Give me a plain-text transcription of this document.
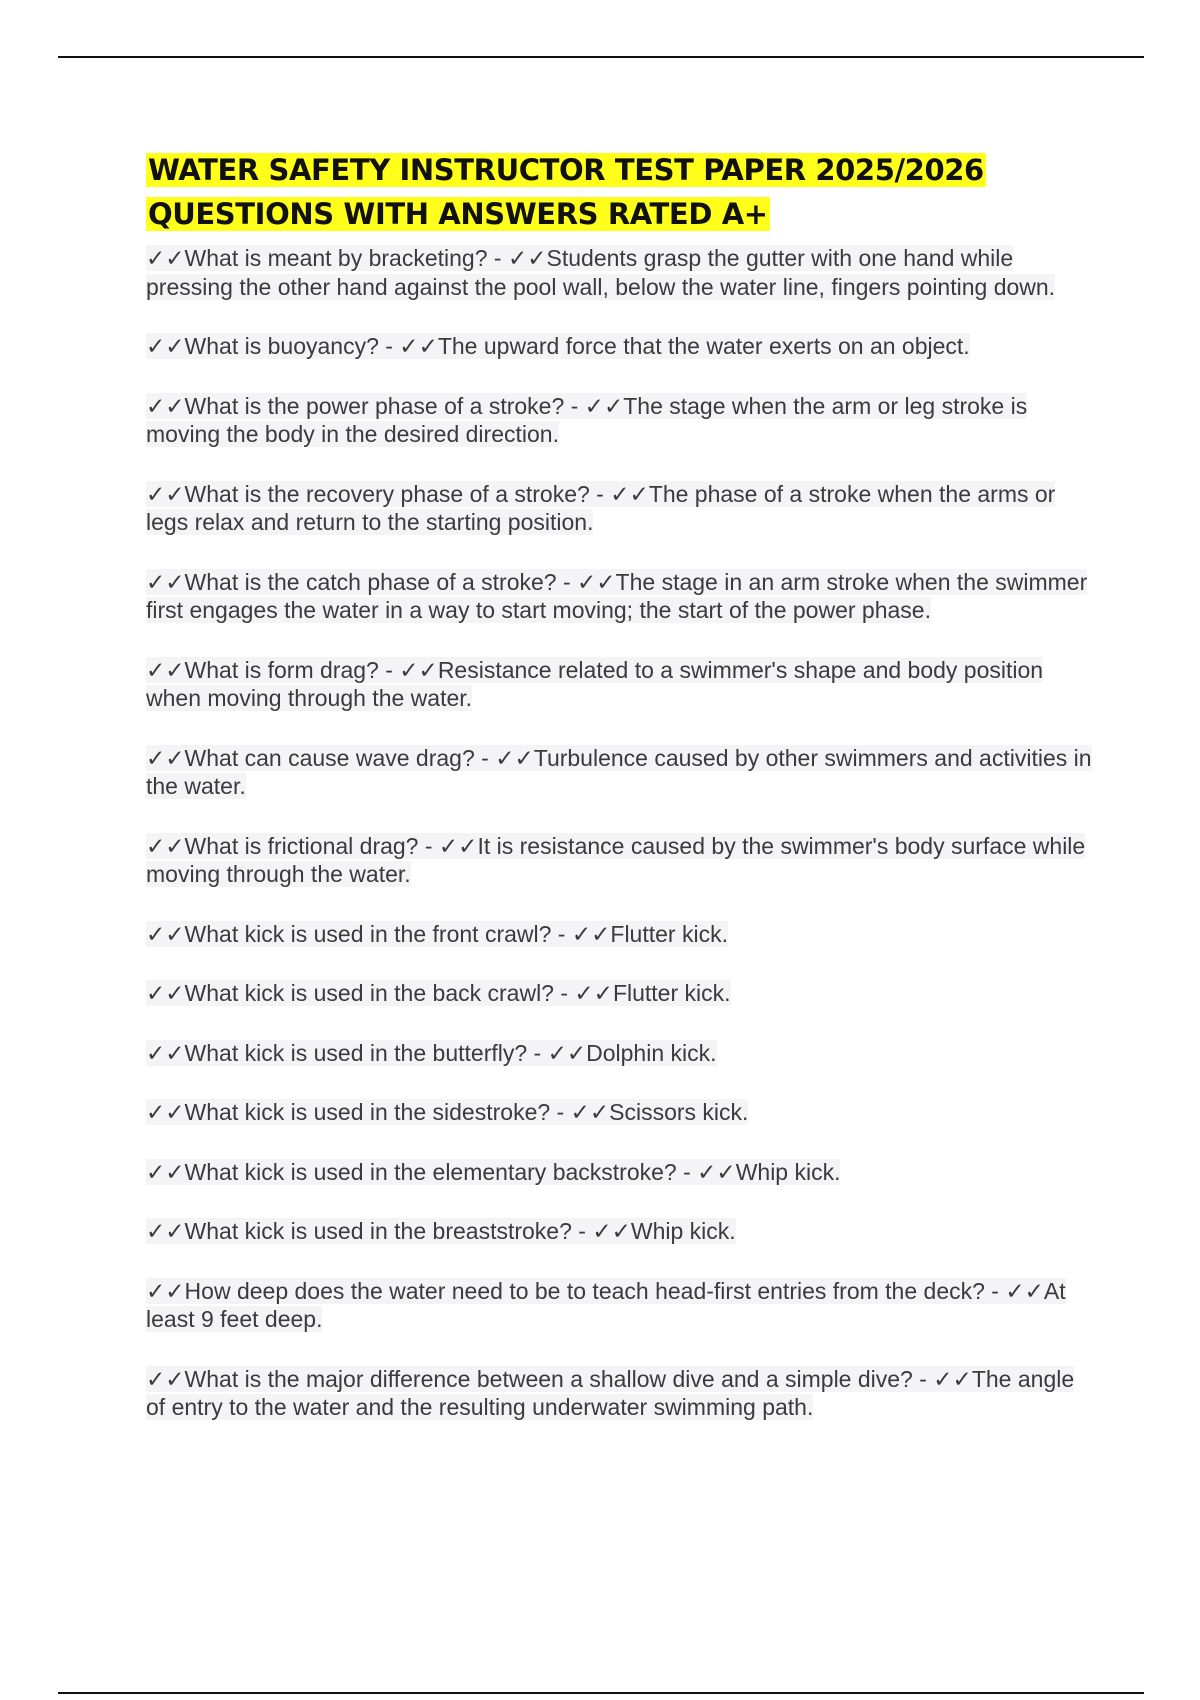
WATER SAFETY INSTRUCTOR TEST PAPER 2025/2026
QUESTIONS WITH ANSWERS RATED A+
✓✓What is meant by bracketing? - ✓✓Students grasp the gutter with one hand while pressing the other hand against the pool wall, below the water line, fingers pointing down.
✓✓What is buoyancy? - ✓✓The upward force that the water exerts on an object.
✓✓What is the power phase of a stroke? - ✓✓The stage when the arm or leg stroke is moving the body in the desired direction.
✓✓What is the recovery phase of a stroke? - ✓✓The phase of a stroke when the arms or legs relax and return to the starting position.
✓✓What is the catch phase of a stroke? - ✓✓The stage in an arm stroke when the swimmer first engages the water in a way to start moving; the start of the power phase.
✓✓What is form drag? - ✓✓Resistance related to a swimmer's shape and body position when moving through the water.
✓✓What can cause wave drag? - ✓✓Turbulence caused by other swimmers and activities in the water.
✓✓What is frictional drag? - ✓✓It is resistance caused by the swimmer's body surface while moving through the water.
✓✓What kick is used in the front crawl? - ✓✓Flutter kick.
✓✓What kick is used in the back crawl? - ✓✓Flutter kick.
✓✓What kick is used in the butterfly? - ✓✓Dolphin kick.
✓✓What kick is used in the sidestroke? - ✓✓Scissors kick.
✓✓What kick is used in the elementary backstroke? - ✓✓Whip kick.
✓✓What kick is used in the breaststroke? - ✓✓Whip kick.
✓✓How deep does the water need to be to teach head-first entries from the deck? - ✓✓At least 9 feet deep.
✓✓What is the major difference between a shallow dive and a simple dive? - ✓✓The angle of entry to the water and the resulting underwater swimming path.
